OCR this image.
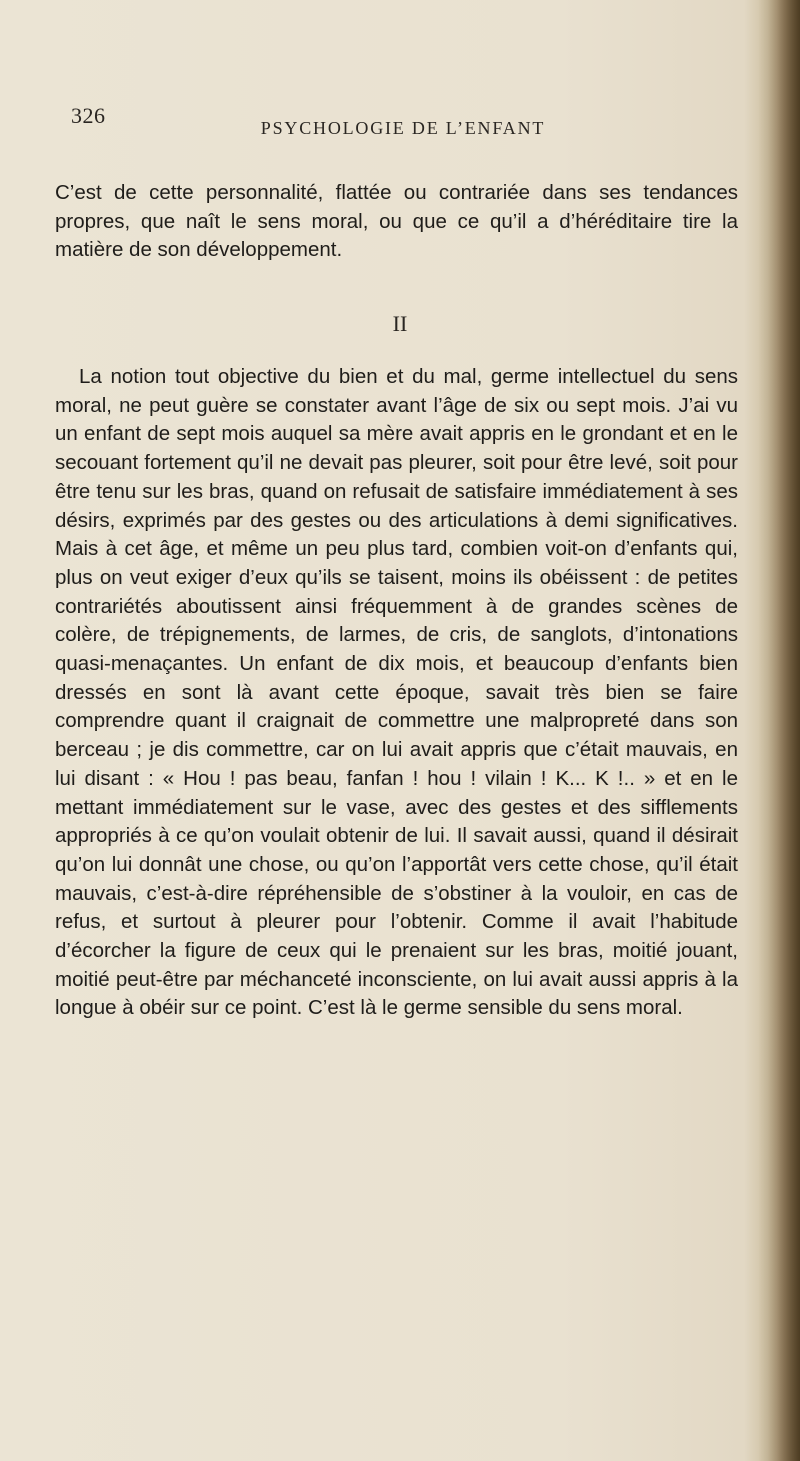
326	PSYCHOLOGIE DE L’ENFANT

C’est de cette personnalité, flattée ou contrariée dans ses tendances propres, que naît le sens moral, ou que ce qu’il a d’héréditaire tire la matière de son développement.

II

La notion tout objective du bien et du mal, germe intellectuel du sens moral, ne peut guère se constater avant l’âge de six ou sept mois. J’ai vu un enfant de sept mois auquel sa mère avait appris en le grondant et en le secouant fortement qu’il ne devait pas pleurer, soit pour être levé, soit pour être tenu sur les bras, quand on refusait de satisfaire immédiatement à ses désirs, exprimés par des gestes ou des articulations à demi significatives. Mais à cet âge, et même un peu plus tard, combien voit-on d’enfants qui, plus on veut exiger d’eux qu’ils se taisent, moins ils obéissent : de petites contrariétés aboutissent ainsi fréquemment à de grandes scènes de colère, de trépignements, de larmes, de cris, de sanglots, d’intonations quasi-menaçantes. Un enfant de dix mois, et beaucoup d’enfants bien dressés en sont là avant cette époque, savait très bien se faire comprendre quant il craignait de commettre une malpropreté dans son berceau ; je dis commettre, car on lui avait appris que c’était mauvais, en lui disant : « Hou ! pas beau, fanfan ! hou ! vilain ! K... K !.. » et en le mettant immédiatement sur le vase, avec des gestes et des sifflements appropriés à ce qu’on voulait obtenir de lui. Il savait aussi, quand il désirait qu’on lui donnât une chose, ou qu’on l’apportât vers cette chose, qu’il était mauvais, c’est-à-dire répréhensible de s’obstiner à la vouloir, en cas de refus, et surtout à pleurer pour l’obtenir. Comme il avait l’habitude d’écorcher la figure de ceux qui le prenaient sur les bras, moitié jouant, moitié peut-être par méchanceté inconsciente, on lui avait aussi appris à la longue à obéir sur ce point. C’est là le germe sensible du sens moral.
